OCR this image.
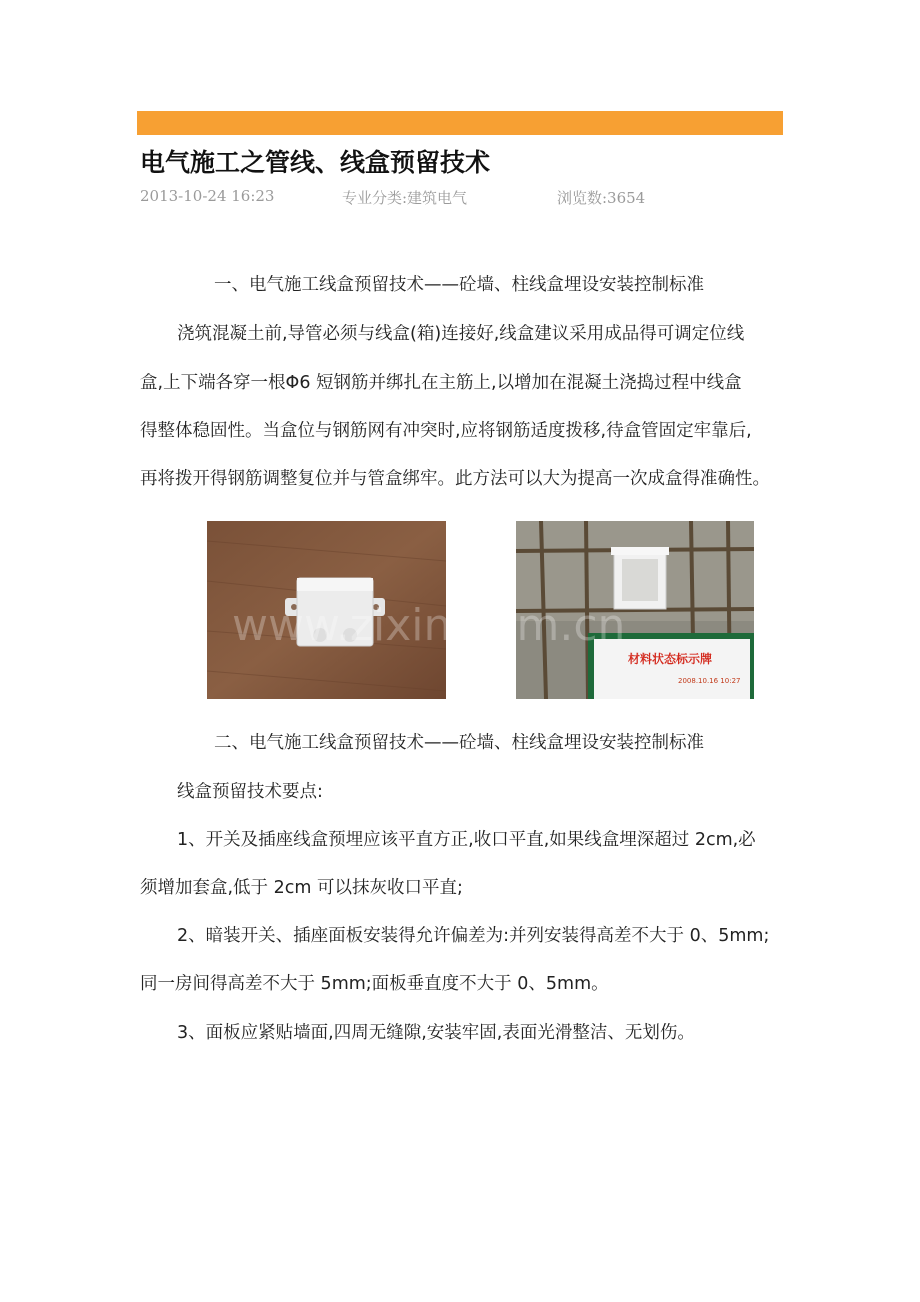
电气施工之管线、线盒预留技术
2013-10-24 16:23	专业分类:建筑电气	浏览数:3654
一、电气施工线盒预留技术——砼墙、柱线盒埋设安装控制标准
浇筑混凝土前,导管必须与线盒(箱)连接好,线盒建议采用成品得可调定位线
盒,上下端各穿一根Φ6 短钢筋并绑扎在主筋上,以增加在混凝土浇捣过程中线盒
得整体稳固性。当盒位与钢筋网有冲突时,应将钢筋适度拨移,待盒管固定牢靠后,
再将拨开得钢筋调整复位并与管盒绑牢。此方法可以大为提高一次成盒得准确性。
材料状态标示牌
2008.10.16 10:27
www.zixin.com.cn
二、电气施工线盒预留技术——砼墙、柱线盒埋设安装控制标准
线盒预留技术要点:
1、开关及插座线盒预埋应该平直方正,收口平直,如果线盒埋深超过 2cm,必
须增加套盒,低于 2cm 可以抹灰收口平直;
2、暗装开关、插座面板安装得允许偏差为:并列安装得高差不大于 0、5mm;
同一房间得高差不大于 5mm;面板垂直度不大于 0、5mm。
3、面板应紧贴墙面,四周无缝隙,安装牢固,表面光滑整洁、无划伤。
